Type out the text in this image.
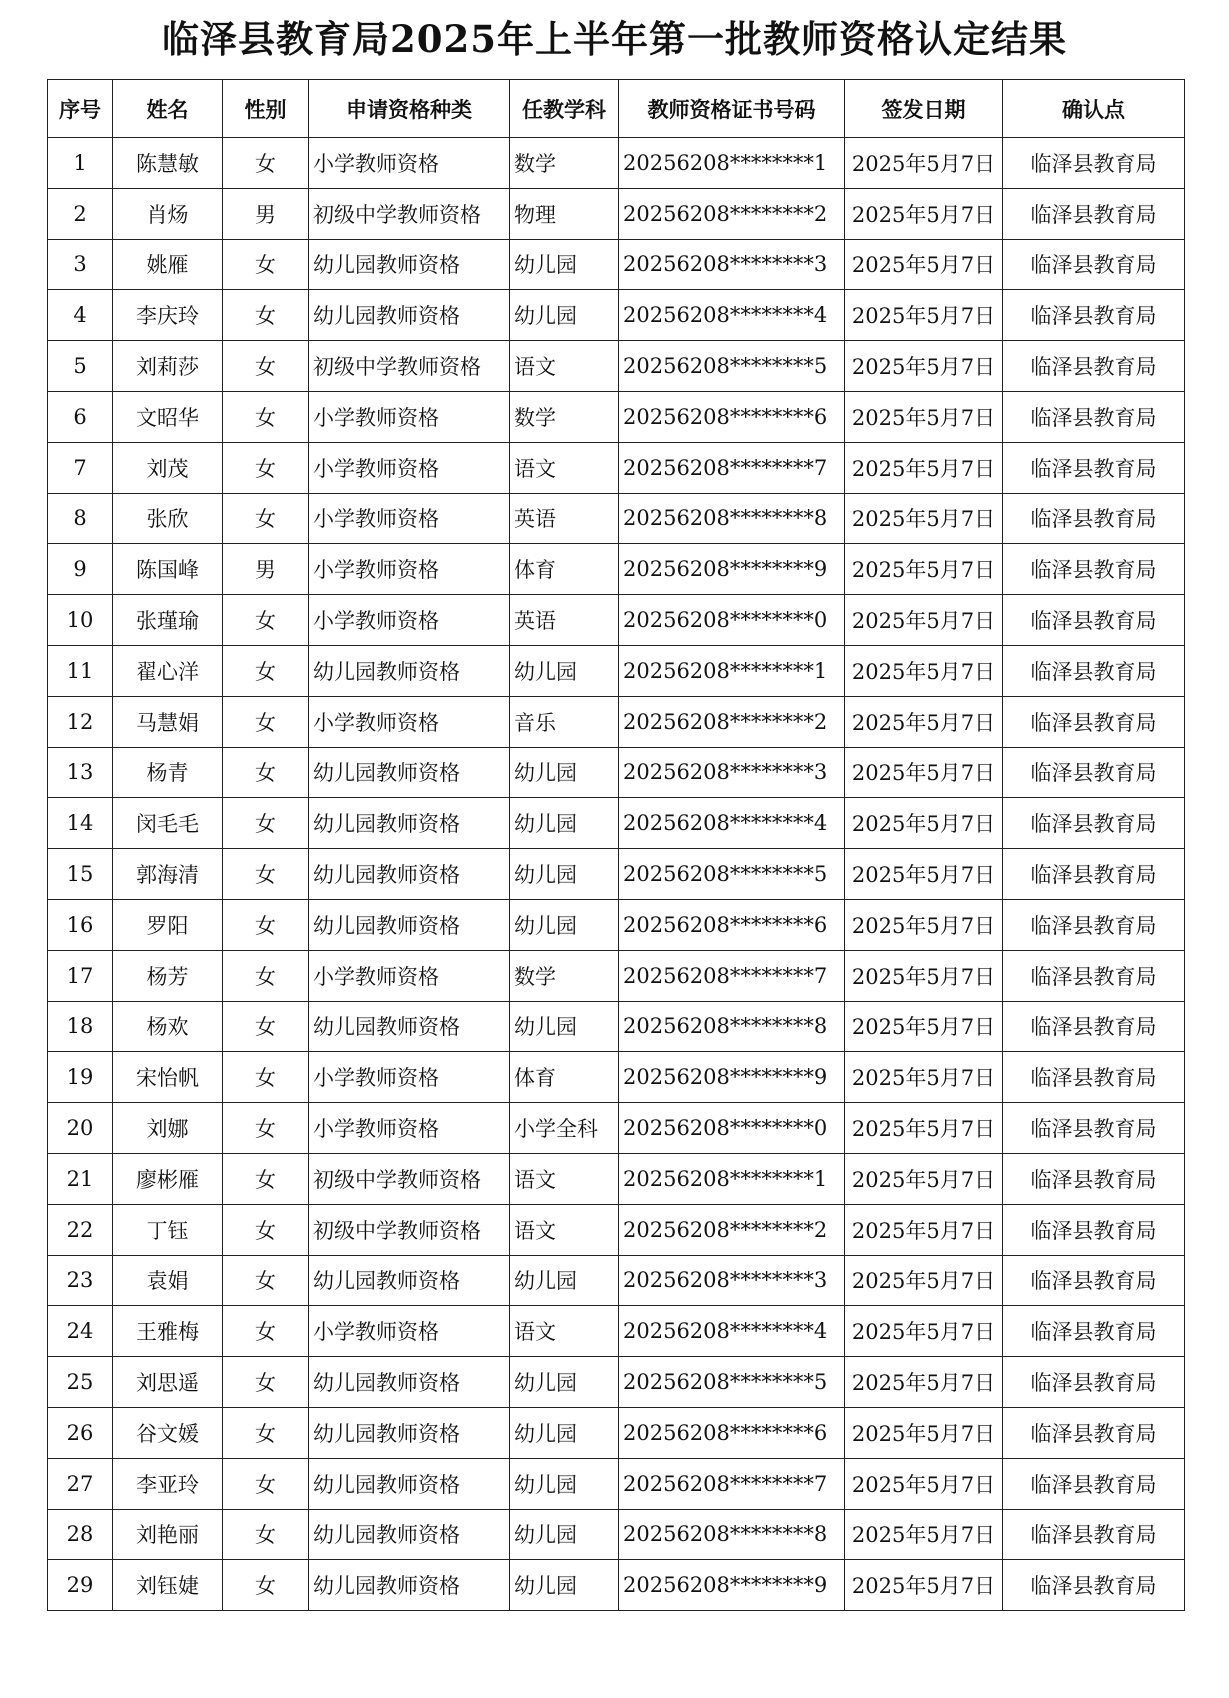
临泽县教育局2025年上半年第一批教师资格认定结果
序号	姓名	性别	申请资格种类	任教学科	教师资格证书号码	签发日期	确认点
1	陈慧敏	女	小学教师资格	数学	20256208********1	2025年5月7日	临泽县教育局
2	肖炀	男	初级中学教师资格	物理	20256208********2	2025年5月7日	临泽县教育局
3	姚雁	女	幼儿园教师资格	幼儿园	20256208********3	2025年5月7日	临泽县教育局
4	李庆玲	女	幼儿园教师资格	幼儿园	20256208********4	2025年5月7日	临泽县教育局
5	刘莉莎	女	初级中学教师资格	语文	20256208********5	2025年5月7日	临泽县教育局
6	文昭华	女	小学教师资格	数学	20256208********6	2025年5月7日	临泽县教育局
7	刘茂	女	小学教师资格	语文	20256208********7	2025年5月7日	临泽县教育局
8	张欣	女	小学教师资格	英语	20256208********8	2025年5月7日	临泽县教育局
9	陈国峰	男	小学教师资格	体育	20256208********9	2025年5月7日	临泽县教育局
10	张瑾瑜	女	小学教师资格	英语	20256208********0	2025年5月7日	临泽县教育局
11	翟心洋	女	幼儿园教师资格	幼儿园	20256208********1	2025年5月7日	临泽县教育局
12	马慧娟	女	小学教师资格	音乐	20256208********2	2025年5月7日	临泽县教育局
13	杨青	女	幼儿园教师资格	幼儿园	20256208********3	2025年5月7日	临泽县教育局
14	闵毛毛	女	幼儿园教师资格	幼儿园	20256208********4	2025年5月7日	临泽县教育局
15	郭海清	女	幼儿园教师资格	幼儿园	20256208********5	2025年5月7日	临泽县教育局
16	罗阳	女	幼儿园教师资格	幼儿园	20256208********6	2025年5月7日	临泽县教育局
17	杨芳	女	小学教师资格	数学	20256208********7	2025年5月7日	临泽县教育局
18	杨欢	女	幼儿园教师资格	幼儿园	20256208********8	2025年5月7日	临泽县教育局
19	宋怡帆	女	小学教师资格	体育	20256208********9	2025年5月7日	临泽县教育局
20	刘娜	女	小学教师资格	小学全科	20256208********0	2025年5月7日	临泽县教育局
21	廖彬雁	女	初级中学教师资格	语文	20256208********1	2025年5月7日	临泽县教育局
22	丁钰	女	初级中学教师资格	语文	20256208********2	2025年5月7日	临泽县教育局
23	袁娟	女	幼儿园教师资格	幼儿园	20256208********3	2025年5月7日	临泽县教育局
24	王雅梅	女	小学教师资格	语文	20256208********4	2025年5月7日	临泽县教育局
25	刘思遥	女	幼儿园教师资格	幼儿园	20256208********5	2025年5月7日	临泽县教育局
26	谷文媛	女	幼儿园教师资格	幼儿园	20256208********6	2025年5月7日	临泽县教育局
27	李亚玲	女	幼儿园教师资格	幼儿园	20256208********7	2025年5月7日	临泽县教育局
28	刘艳丽	女	幼儿园教师资格	幼儿园	20256208********8	2025年5月7日	临泽县教育局
29	刘钰婕	女	幼儿园教师资格	幼儿园	20256208********9	2025年5月7日	临泽县教育局
